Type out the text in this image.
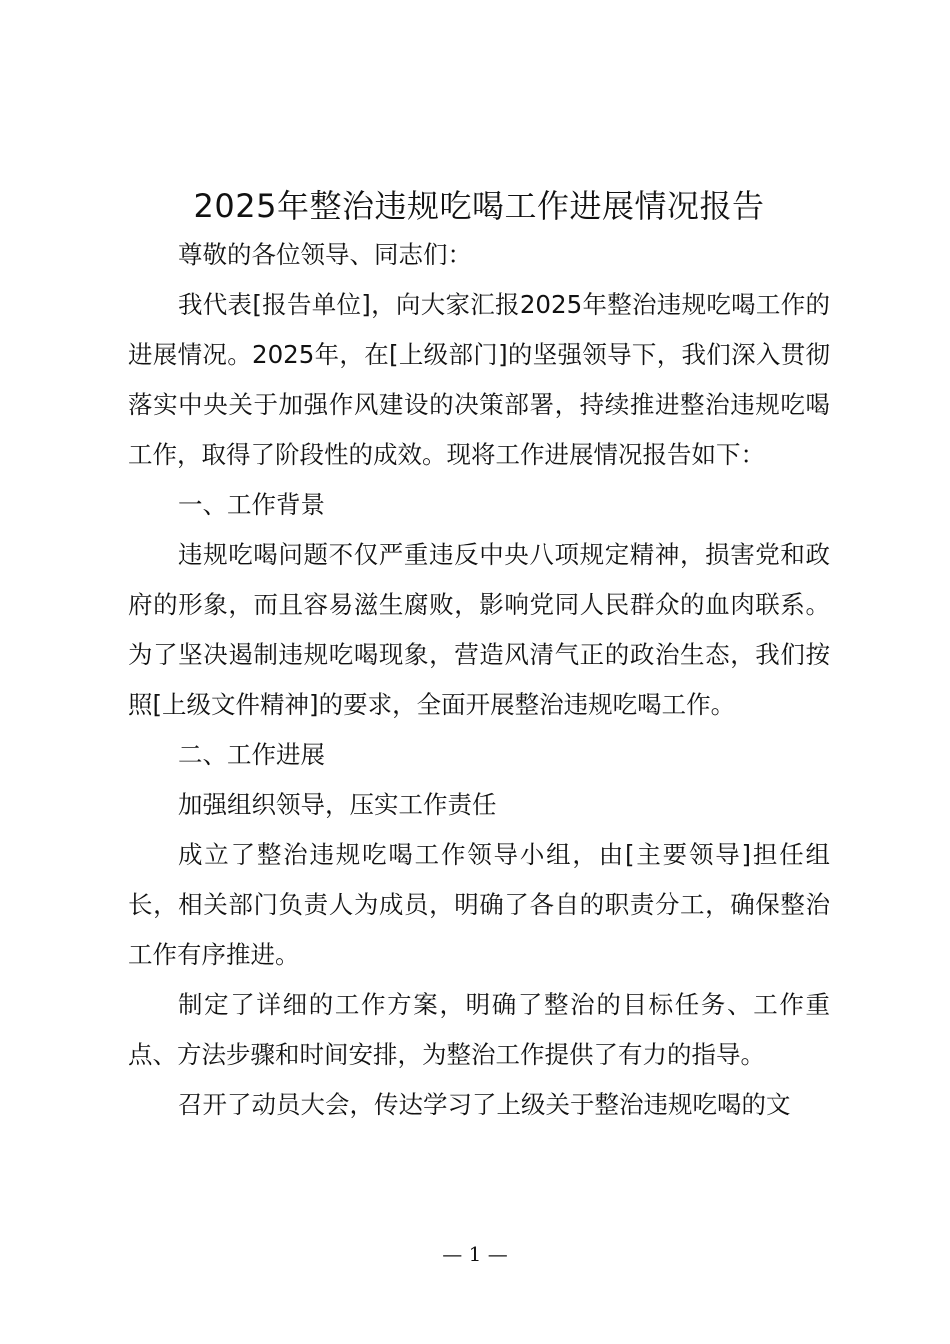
2025年整治违规吃喝工作进展情况报告

尊敬的各位领导、同志们：

我代表[报告单位]，向大家汇报2025年整治违规吃喝工作的进展情况。2025年，在[上级部门]的坚强领导下，我们深入贯彻落实中央关于加强作风建设的决策部署，持续推进整治违规吃喝工作，取得了阶段性的成效。现将工作进展情况报告如下：

一、工作背景

违规吃喝问题不仅严重违反中央八项规定精神，损害党和政府的形象，而且容易滋生腐败，影响党同人民群众的血肉联系。为了坚决遏制违规吃喝现象，营造风清气正的政治生态，我们按照[上级文件精神]的要求，全面开展整治违规吃喝工作。

二、工作进展

加强组织领导，压实工作责任

成立了整治违规吃喝工作领导小组，由[主要领导]担任组长，相关部门负责人为成员，明确了各自的职责分工，确保整治工作有序推进。

制定了详细的工作方案，明确了整治的目标任务、工作重点、方法步骤和时间安排，为整治工作提供了有力的指导。

召开了动员大会，传达学习了上级关于整治违规吃喝的文

— 1 —
